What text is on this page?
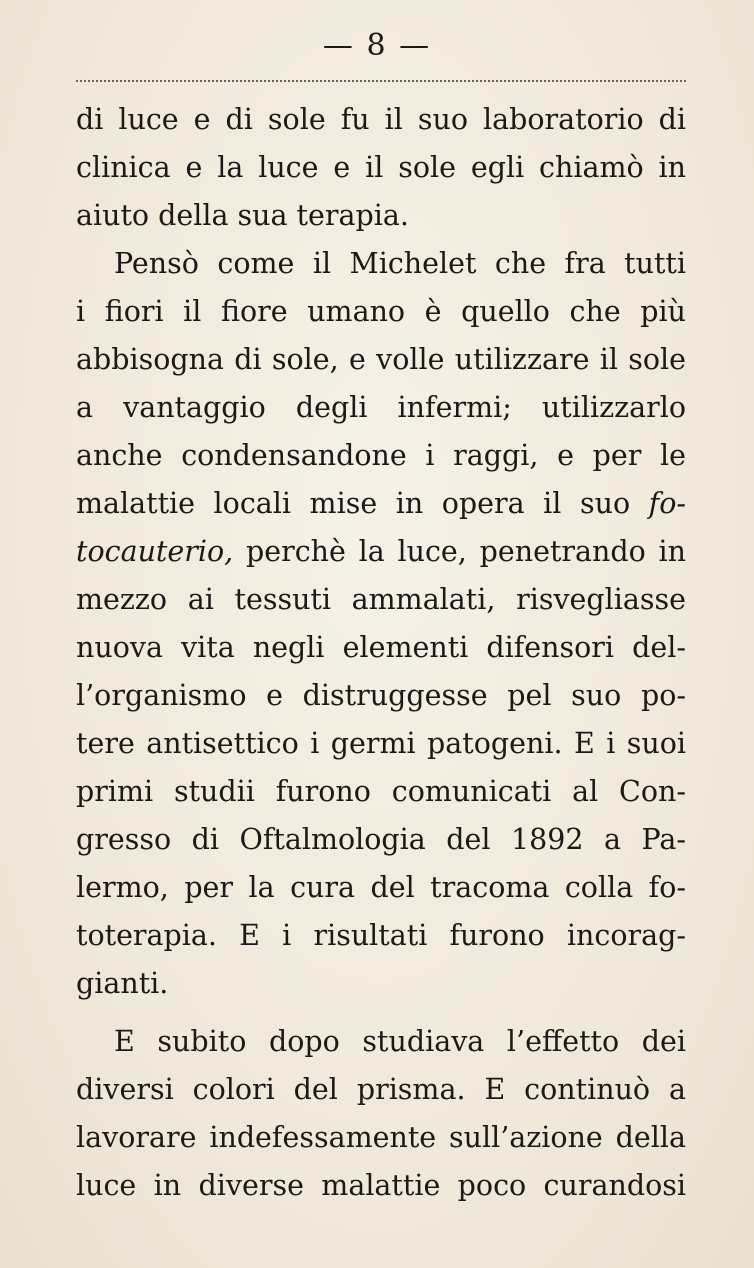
— 8 —
di luce e di sole fu il suo laboratorio di
clinica e la luce e il sole egli chiamò in
aiuto della sua terapia.
Pensò come il Michelet che fra tutti
i fiori il fiore umano è quello che più
abbisogna di sole, e volle utilizzare il sole
a vantaggio degli infermi; utilizzarlo
anche condensandone i raggi, e per le
malattie locali mise in opera il suo fo-
tocauterio, perchè la luce, penetrando in
mezzo ai tessuti ammalati, risvegliasse
nuova vita negli elementi difensori del-
l’organismo e distruggesse pel suo po-
tere antisettico i germi patogeni. E i suoi
primi studii furono comunicati al Con-
gresso di Oftalmologia del 1892 a Pa-
lermo, per la cura del tracoma colla fo-
toterapia. E i risultati furono incorag-
gianti.
E subito dopo studiava l’effetto dei
diversi colori del prisma. E continuò a
lavorare indefessamente sull’azione della
luce in diverse malattie poco curandosi
